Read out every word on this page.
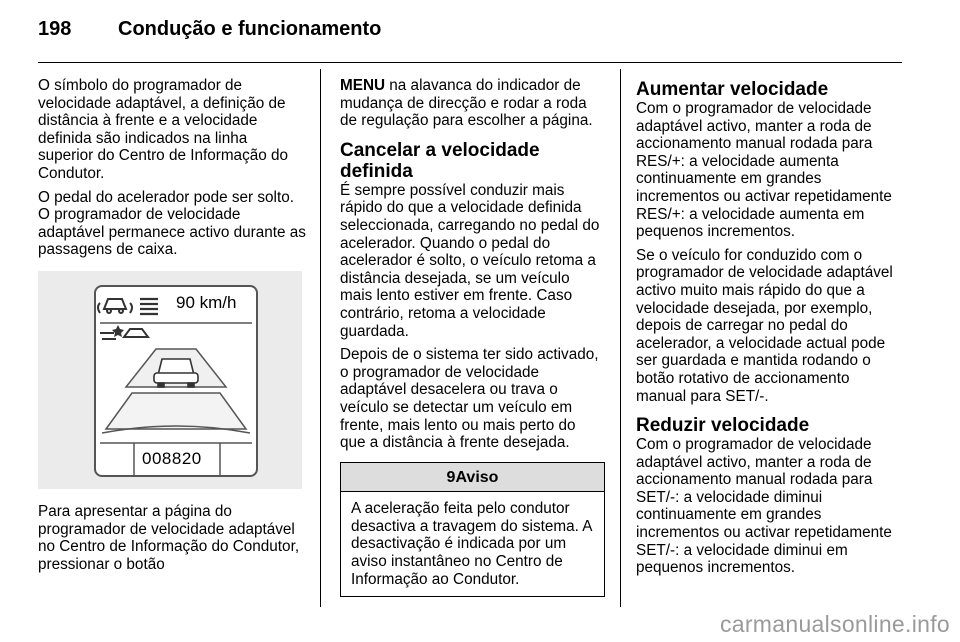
198 Condução e funcionamento

O símbolo do programador de velocidade adaptável, a definição de distância à frente e a velocidade definida são indicados na linha superior do Centro de Informação do Condutor.

O pedal do acelerador pode ser solto. O programador de velocidade adaptável permanece activo durante as passagens de caixa.

90 km/h
008820

Para apresentar a página do programador de velocidade adaptável no Centro de Informação do Condutor, pressionar o botão

MENU na alavanca do indicador de mudança de direcção e rodar a roda de regulação para escolher a página.

Cancelar a velocidade definida

É sempre possível conduzir mais rápido do que a velocidade definida seleccionada, carregando no pedal do acelerador. Quando o pedal do acelerador é solto, o veículo retoma a distância desejada, se um veículo mais lento estiver em frente. Caso contrário, retoma a velocidade guardada.

Depois de o sistema ter sido activado, o programador de velocidade adaptável desacelera ou trava o veículo se detectar um veículo em frente, mais lento ou mais perto do que a distância à frente desejada.

9Aviso

A aceleração feita pelo condutor desactiva a travagem do sistema. A desactivação é indicada por um aviso instantâneo no Centro de Informação ao Condutor.

Aumentar velocidade

Com o programador de velocidade adaptável activo, manter a roda de accionamento manual rodada para RES/+: a velocidade aumenta continuamente em grandes incrementos ou activar repetidamente RES/+: a velocidade aumenta em pequenos incrementos.

Se o veículo for conduzido com o programador de velocidade adaptável activo muito mais rápido do que a velocidade desejada, por exemplo, depois de carregar no pedal do acelerador, a velocidade actual pode ser guardada e mantida rodando o botão rotativo de accionamento manual para SET/-.

Reduzir velocidade

Com o programador de velocidade adaptável activo, manter a roda de accionamento manual rodada para SET/-: a velocidade diminui continuamente em grandes incrementos ou activar repetidamente SET/-: a velocidade diminui em pequenos incrementos.

carmanualsonline.info
